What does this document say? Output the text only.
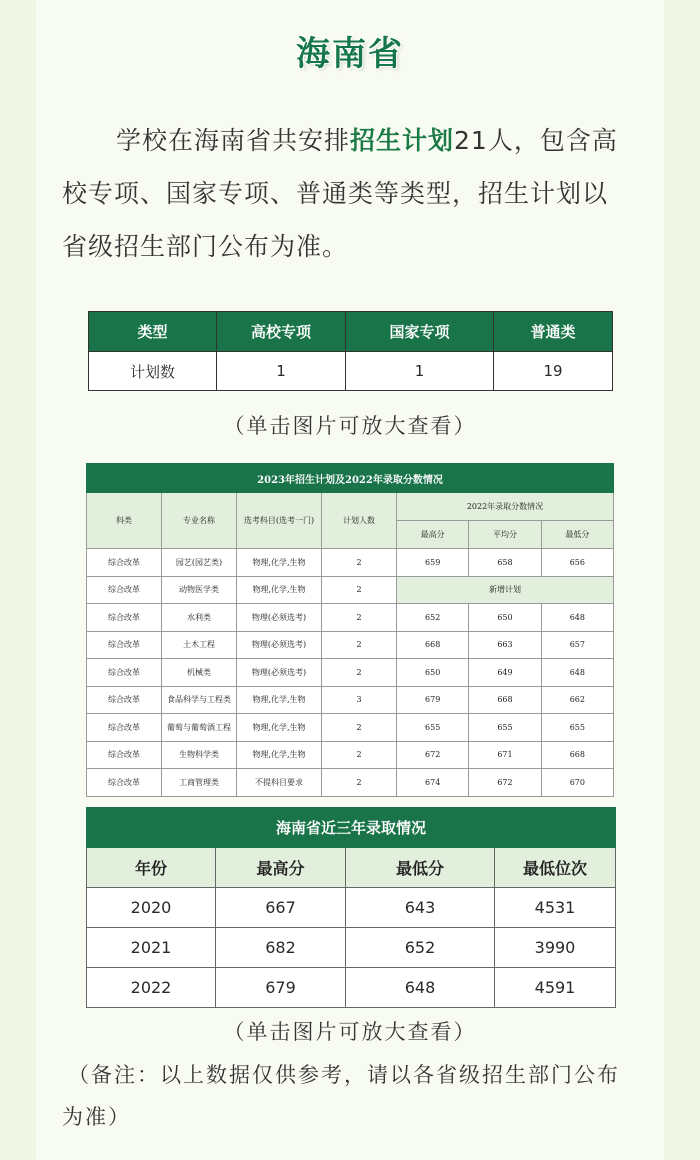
海南省
学校在海南省共安排招生计划21人，包含高校专项、国家专项、普通类等类型，招生计划以省级招生部门公布为准。
类型	高校专项	国家专项	普通类
计划数	1	1	19
（单击图片可放大查看）
2023年招生计划及2022年录取分数情况						
科类	专业名称	选考科目(选考一门)	计划人数	2022年录取分数情况		
				最高分	平均分	最低分
综合改革	园艺(园艺类)	物理,化学,生物	2	659	658	656
综合改革	动物医学类	物理,化学,生物	2	新增计划		
综合改革	水利类	物理(必须选考)	2	652	650	648
综合改革	土木工程	物理(必须选考)	2	668	663	657
综合改革	机械类	物理(必须选考)	2	650	649	648
综合改革	食品科学与工程类	物理,化学,生物	3	679	668	662
综合改革	葡萄与葡萄酒工程	物理,化学,生物	2	655	655	655
综合改革	生物科学类	物理,化学,生物	2	672	671	668
综合改革	工商管理类	不提科目要求	2	674	672	670
海南省近三年录取情况			
年份	最高分	最低分	最低位次
2020	667	643	4531
2021	682	652	3990
2022	679	648	4591
（单击图片可放大查看）
（备注：以上数据仅供参考，请以各省级招生部门公布为准）
